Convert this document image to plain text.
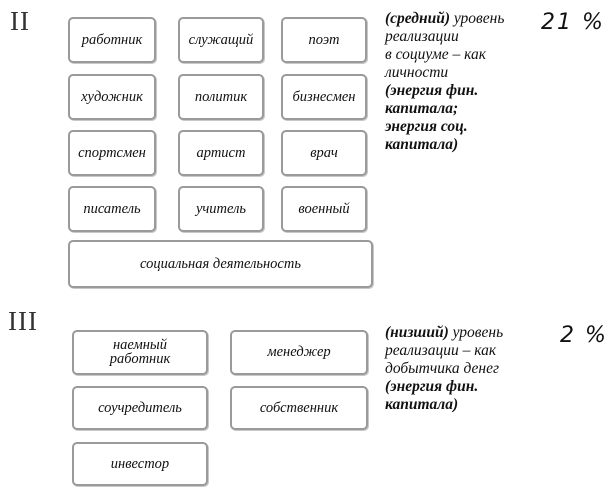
II
работник	служащий	поэт
художник	политик	бизнесмен
спортсмен	артист	врач
писатель	учитель	военный
социальная деятельность
(средний) уровень
реализации
в социуме – как
личности
(энергия фин.
капитала;
энергия соц.
капитала)
21 %
III
наемный работник	менеджер
соучредитель	собственник
инвестор
(низший) уровень
реализации – как
добытчика денег
(энергия фин.
капитала)
2 %
